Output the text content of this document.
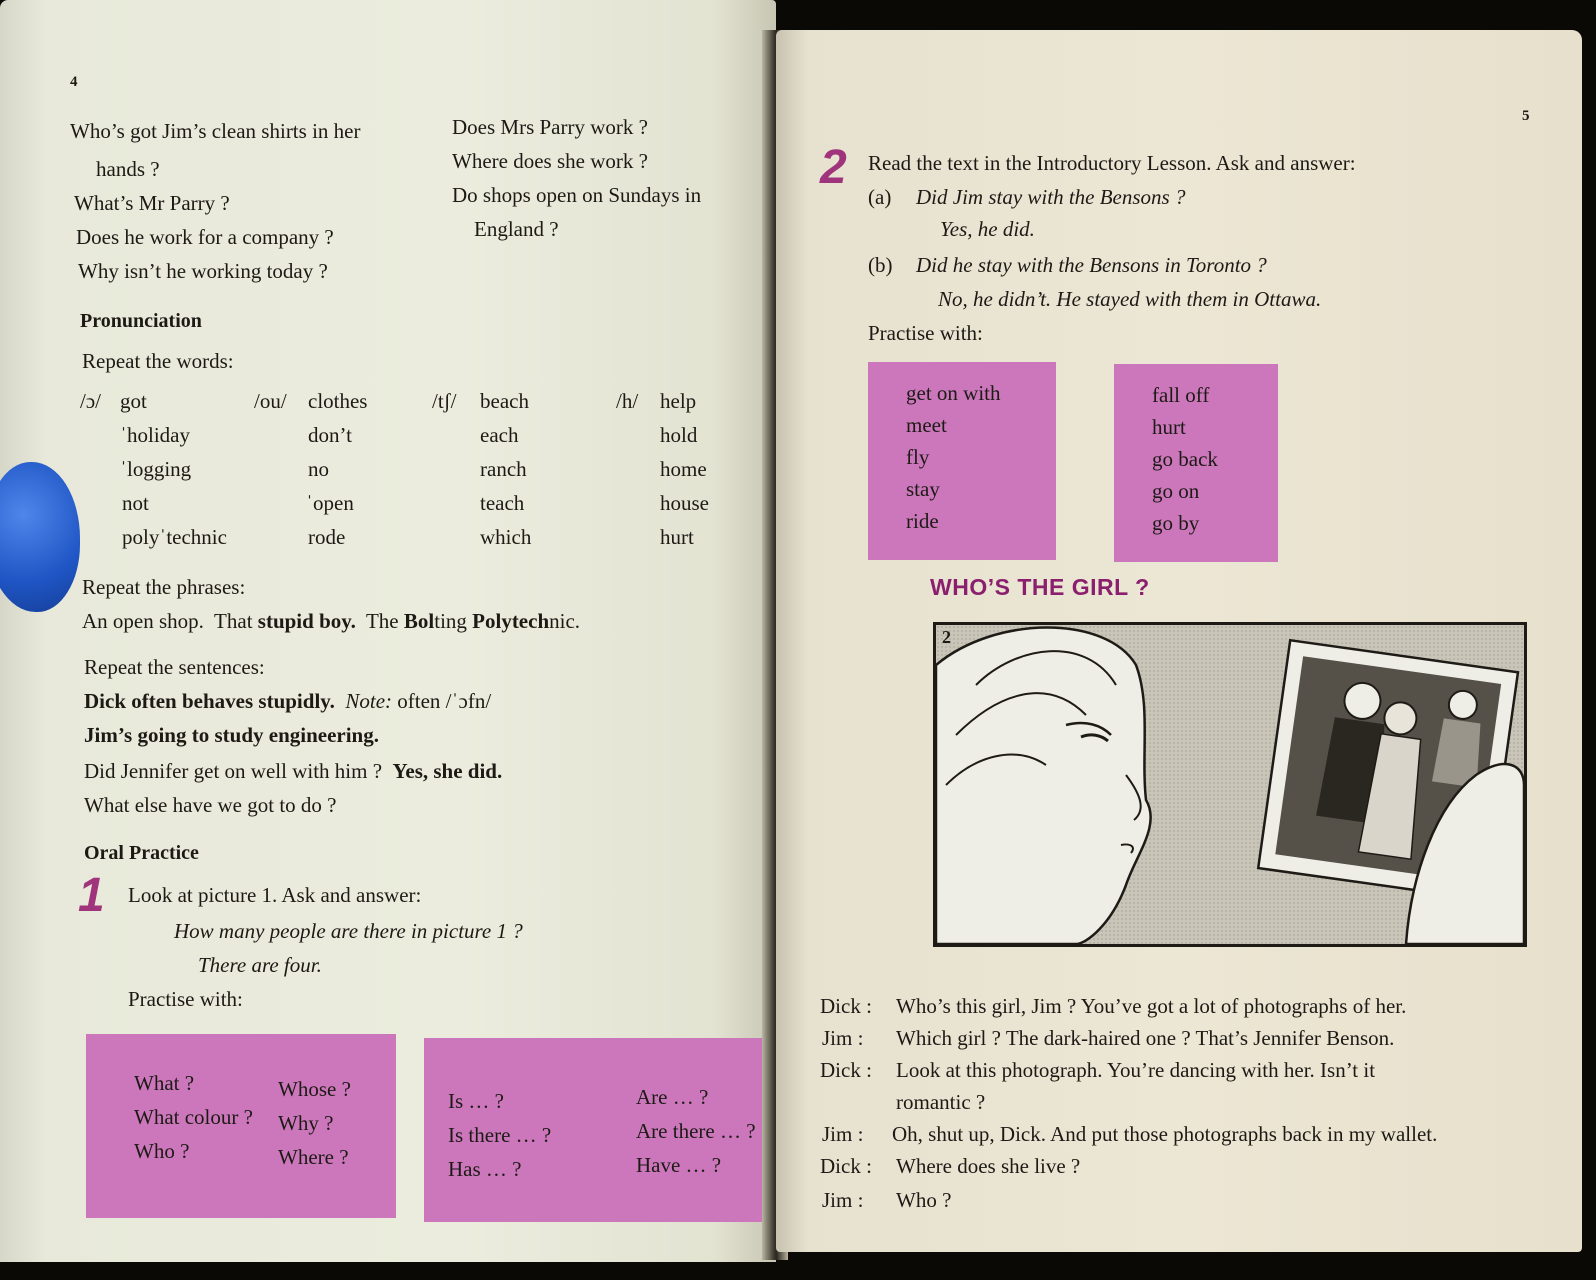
4
Who’s got Jim’s clean shirts in her
hands ?
What’s Mr Parry ?
Does he work for a company ?
Why isn’t he working today ?
Does Mrs Parry work ?
Where does she work ?
Do shops open on Sundays in
England ?
Pronunciation
Repeat the words:
/ɔ/ got
ˈholiday
ˈlogging
not
polyˈtechnic
/ou/ clothes
don’t
no
ˈopen
rode
/tʃ/ beach
each
ranch
teach
which
/h/ help
hold
home
house
hurt
Repeat the phrases:
An open shop. That stupid boy. The Bolting Polytechnic.
Repeat the sentences:
Dick often behaves stupidly. Note: often /ˈɔfn/
Jim’s going to study engineering.
Did Jennifer get on well with him ? Yes, she did.
What else have we got to do ?
Oral Practice
1 Look at picture 1. Ask and answer:
How many people are there in picture 1 ?
There are four.
Practise with:
What ?
What colour ?
Who ?
Whose ?
Why ?
Where ?
Is … ?
Is there … ?
Has … ?
Are … ?
Are there … ?
Have … ?
5
2 Read the text in the Introductory Lesson. Ask and answer:
(a) Did Jim stay with the Bensons ?
Yes, he did.
(b) Did he stay with the Bensons in Toronto ?
No, he didn’t. He stayed with them in Ottawa.
Practise with:
get on with
meet
fly
stay
ride
fall off
hurt
go back
go on
go by
WHO’S THE GIRL ?
Dick : Who’s this girl, Jim ? You’ve got a lot of photographs of her.
Jim : Which girl ? The dark-haired one ? That’s Jennifer Benson.
Dick : Look at this photograph. You’re dancing with her. Isn’t it
romantic ?
Jim : Oh, shut up, Dick. And put those photographs back in my wallet.
Dick : Where does she live ?
Jim : Who ?
2
